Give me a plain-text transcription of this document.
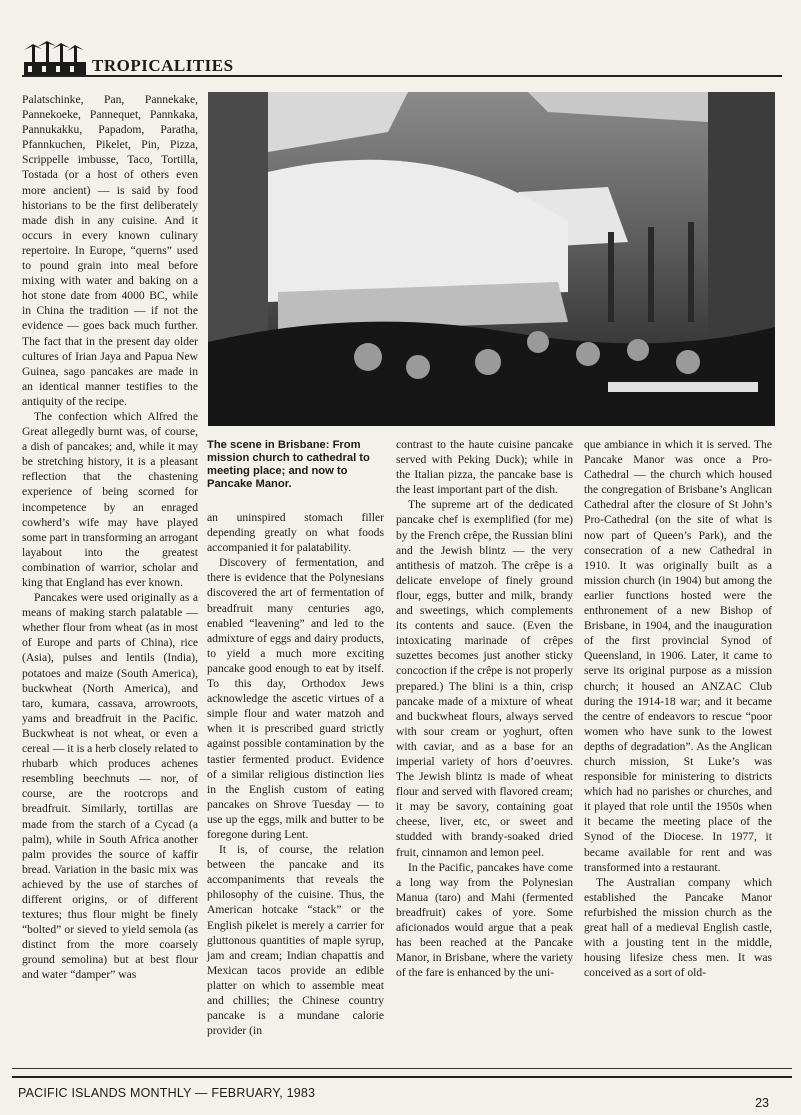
TROPICALITIES

Palatschinke, Pan, Pannekake, Pannekoeke, Pannequet, Pannkaka, Pannukakku, Papadom, Paratha, Pfannkuchen, Pikelet, Pin, Pizza, Scrippelle imbusse, Taco, Tortilla, Tostada (or a host of others even more ancient) — is said by food historians to be the first deliberately made dish in any cuisine. And it occurs in every known culinary repertoire. In Europe, “querns” used to pound grain into meal before mixing with water and baking on a hot stone date from 4000 BC, while in China the tradition — if not the evidence — goes back much further. The fact that in the present day older cultures of Irian Jaya and Papua New Guinea, sago pancakes are made in an identical manner testifies to the antiquity of the recipe.

The confection which Alfred the Great allegedly burnt was, of course, a dish of pancakes; and, while it may be stretching history, it is a pleasant reflection that the chastening experience of being scorned for incompetence by an enraged cowherd’s wife may have played some part in transforming an arrogant layabout into the greatest combination of warrior, scholar and king that England has ever known.

Pancakes were used originally as a means of making starch palatable — whether flour from wheat (as in most of Europe and parts of China), rice (Asia), pulses and lentils (India), potatoes and maize (South America), buckwheat (North America), and taro, kumara, cassava, arrowroots, yams and breadfruit in the Pacific. Buckwheat is not wheat, or even a cereal — it is a herb closely related to rhubarb which produces achenes resembling beechnuts — nor, of course, are the rootcrops and breadfruit. Similarly, tortillas are made from the starch of a Cycad (a palm), while in South Africa another palm provides the source of kaffir bread. Variation in the basic mix was achieved by the use of starches of different origins, or of different textures; thus flour might be finely “bolted” or sieved to yield semola (as distinct from the more coarsely ground semolina) but at best flour and water “damper” was

The scene in Brisbane: From mission church to cathedral to meeting place; and now to Pancake Manor.

an uninspired stomach filler depending greatly on what foods accompanied it for palatability.

Discovery of fermentation, and there is evidence that the Polynesians discovered the art of fermentation of breadfruit many centuries ago, enabled “leavening” and led to the admixture of eggs and dairy products, to yield a much more exciting pancake good enough to eat by itself. To this day, Orthodox Jews acknowledge the ascetic virtues of a simple flour and water matzoh and when it is prescribed guard strictly against possible contamination by the tastier fermented product. Evidence of a similar religious distinction lies in the English custom of eating pancakes on Shrove Tuesday — to use up the eggs, milk and butter to be foregone during Lent.

It is, of course, the relation between the pancake and its accompaniments that reveals the philosophy of the cuisine. Thus, the American hotcake “stack” or the English pikelet is merely a carrier for gluttonous quantities of maple syrup, jam and cream; Indian chapattis and Mexican tacos provide an edible platter on which to assemble meat and chillies; the Chinese country pancake is a mundane calorie provider (in

contrast to the haute cuisine pancake served with Peking Duck); while in the Italian pizza, the pancake base is the least important part of the dish.

The supreme art of the dedicated pancake chef is exemplified (for me) by the French crêpe, the Russian blini and the Jewish blintz — the very antithesis of matzoh. The crêpe is a delicate envelope of finely ground flour, eggs, butter and milk, brandy and sweetings, which complements its contents and sauce. (Even the intoxicating marinade of crêpes suzettes becomes just another sticky concoction if the crêpe is not properly prepared.) The blini is a thin, crisp pancake made of a mixture of wheat and buckwheat flours, always served with sour cream or yoghurt, often with caviar, and as a base for an imperial variety of hors d’oeuvres. The Jewish blintz is made of wheat flour and served with flavored cream; it may be savory, containing goat cheese, liver, etc, or sweet and studded with brandy-soaked dried fruit, cinnamon and lemon peel.

In the Pacific, pancakes have come a long way from the Polynesian Manua (taro) and Mahi (fermented breadfruit) cakes of yore. Some aficionados would argue that a peak has been reached at the Pancake Manor, in Brisbane, where the variety of the fare is enhanced by the uni-

que ambiance in which it is served. The Pancake Manor was once a Pro-Cathedral — the church which housed the congregation of Brisbane’s Anglican Cathedral after the closure of St John’s Pro-Cathedral (on the site of what is now part of Queen’s Park), and the consecration of a new Cathedral in 1910. It was originally built as a mission church (in 1904) but among the earlier functions hosted were the enthronement of a new Bishop of Brisbane, in 1904, and the inauguration of the first provincial Synod of Queensland, in 1906. Later, it came to serve its original purpose as a mission church; it housed an ANZAC Club during the 1914-18 war; and it became the centre of endeavors to rescue “poor women who have sunk to the lowest depths of degradation”. As the Anglican church mission, St Luke’s was responsible for ministering to districts which had no parishes or churches, and it played that role until the 1950s when it became the meeting place of the Synod of the Diocese. In 1977, it became available for rent and was transformed into a restaurant.

The Australian company which established the Pancake Manor refurbished the mission church as the great hall of a medieval English castle, with a jousting tent in the middle, housing lifesize chess men. It was conceived as a sort of old-

PACIFIC ISLANDS MONTHLY — FEBRUARY, 1983
23
